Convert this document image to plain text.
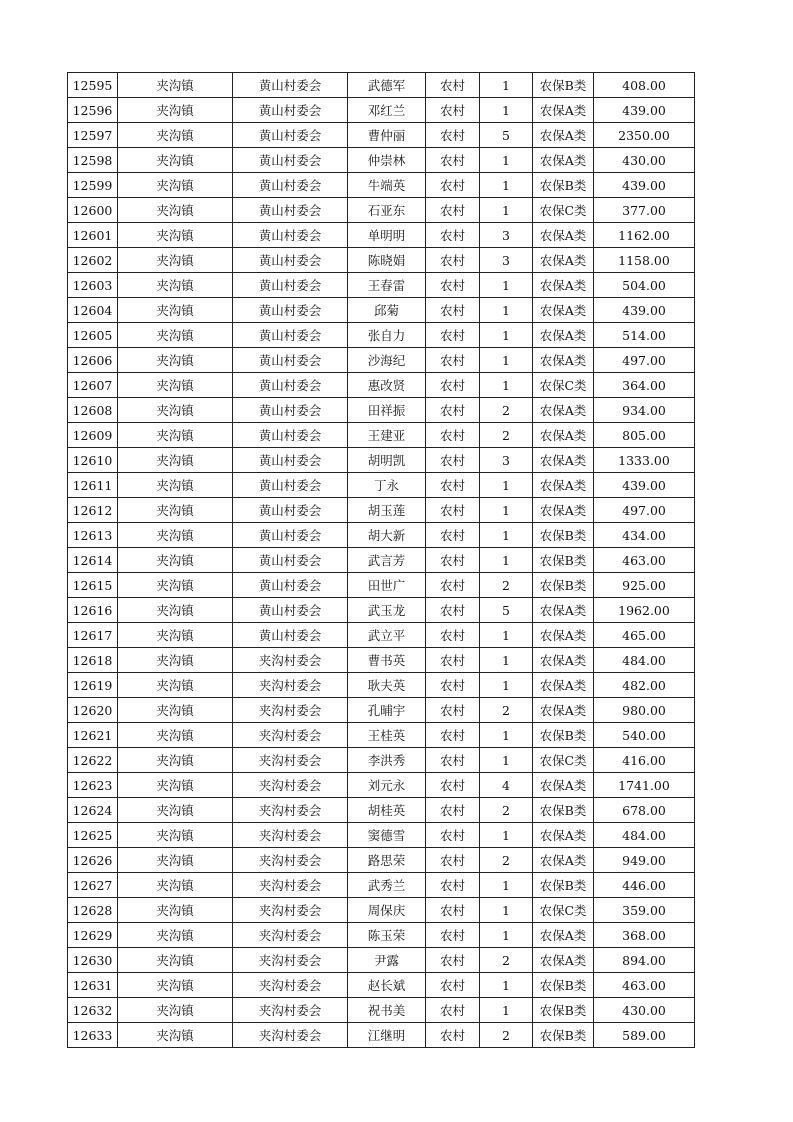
12595	夹沟镇	黄山村委会	武德军	农村	1	农保B类	408.00
12596	夹沟镇	黄山村委会	邓红兰	农村	1	农保A类	439.00
12597	夹沟镇	黄山村委会	曹仲丽	农村	5	农保A类	2350.00
12598	夹沟镇	黄山村委会	仲崇林	农村	1	农保A类	430.00
12599	夹沟镇	黄山村委会	牛端英	农村	1	农保B类	439.00
12600	夹沟镇	黄山村委会	石亚东	农村	1	农保C类	377.00
12601	夹沟镇	黄山村委会	单明明	农村	3	农保A类	1162.00
12602	夹沟镇	黄山村委会	陈晓娟	农村	3	农保A类	1158.00
12603	夹沟镇	黄山村委会	王春雷	农村	1	农保A类	504.00
12604	夹沟镇	黄山村委会	邱菊	农村	1	农保A类	439.00
12605	夹沟镇	黄山村委会	张自力	农村	1	农保A类	514.00
12606	夹沟镇	黄山村委会	沙海纪	农村	1	农保A类	497.00
12607	夹沟镇	黄山村委会	惠改贤	农村	1	农保C类	364.00
12608	夹沟镇	黄山村委会	田祥振	农村	2	农保A类	934.00
12609	夹沟镇	黄山村委会	王建亚	农村	2	农保A类	805.00
12610	夹沟镇	黄山村委会	胡明凯	农村	3	农保A类	1333.00
12611	夹沟镇	黄山村委会	丁永	农村	1	农保A类	439.00
12612	夹沟镇	黄山村委会	胡玉莲	农村	1	农保A类	497.00
12613	夹沟镇	黄山村委会	胡大新	农村	1	农保B类	434.00
12614	夹沟镇	黄山村委会	武言芳	农村	1	农保B类	463.00
12615	夹沟镇	黄山村委会	田世广	农村	2	农保B类	925.00
12616	夹沟镇	黄山村委会	武玉龙	农村	5	农保A类	1962.00
12617	夹沟镇	黄山村委会	武立平	农村	1	农保A类	465.00
12618	夹沟镇	夹沟村委会	曹书英	农村	1	农保A类	484.00
12619	夹沟镇	夹沟村委会	耿夫英	农村	1	农保A类	482.00
12620	夹沟镇	夹沟村委会	孔晡宇	农村	2	农保A类	980.00
12621	夹沟镇	夹沟村委会	王桂英	农村	1	农保B类	540.00
12622	夹沟镇	夹沟村委会	李洪秀	农村	1	农保C类	416.00
12623	夹沟镇	夹沟村委会	刘元永	农村	4	农保A类	1741.00
12624	夹沟镇	夹沟村委会	胡桂英	农村	2	农保B类	678.00
12625	夹沟镇	夹沟村委会	窦德雪	农村	1	农保A类	484.00
12626	夹沟镇	夹沟村委会	路思荣	农村	2	农保A类	949.00
12627	夹沟镇	夹沟村委会	武秀兰	农村	1	农保B类	446.00
12628	夹沟镇	夹沟村委会	周保庆	农村	1	农保C类	359.00
12629	夹沟镇	夹沟村委会	陈玉荣	农村	1	农保A类	368.00
12630	夹沟镇	夹沟村委会	尹露	农村	2	农保A类	894.00
12631	夹沟镇	夹沟村委会	赵长斌	农村	1	农保B类	463.00
12632	夹沟镇	夹沟村委会	祝书美	农村	1	农保B类	430.00
12633	夹沟镇	夹沟村委会	江继明	农村	2	农保B类	589.00
